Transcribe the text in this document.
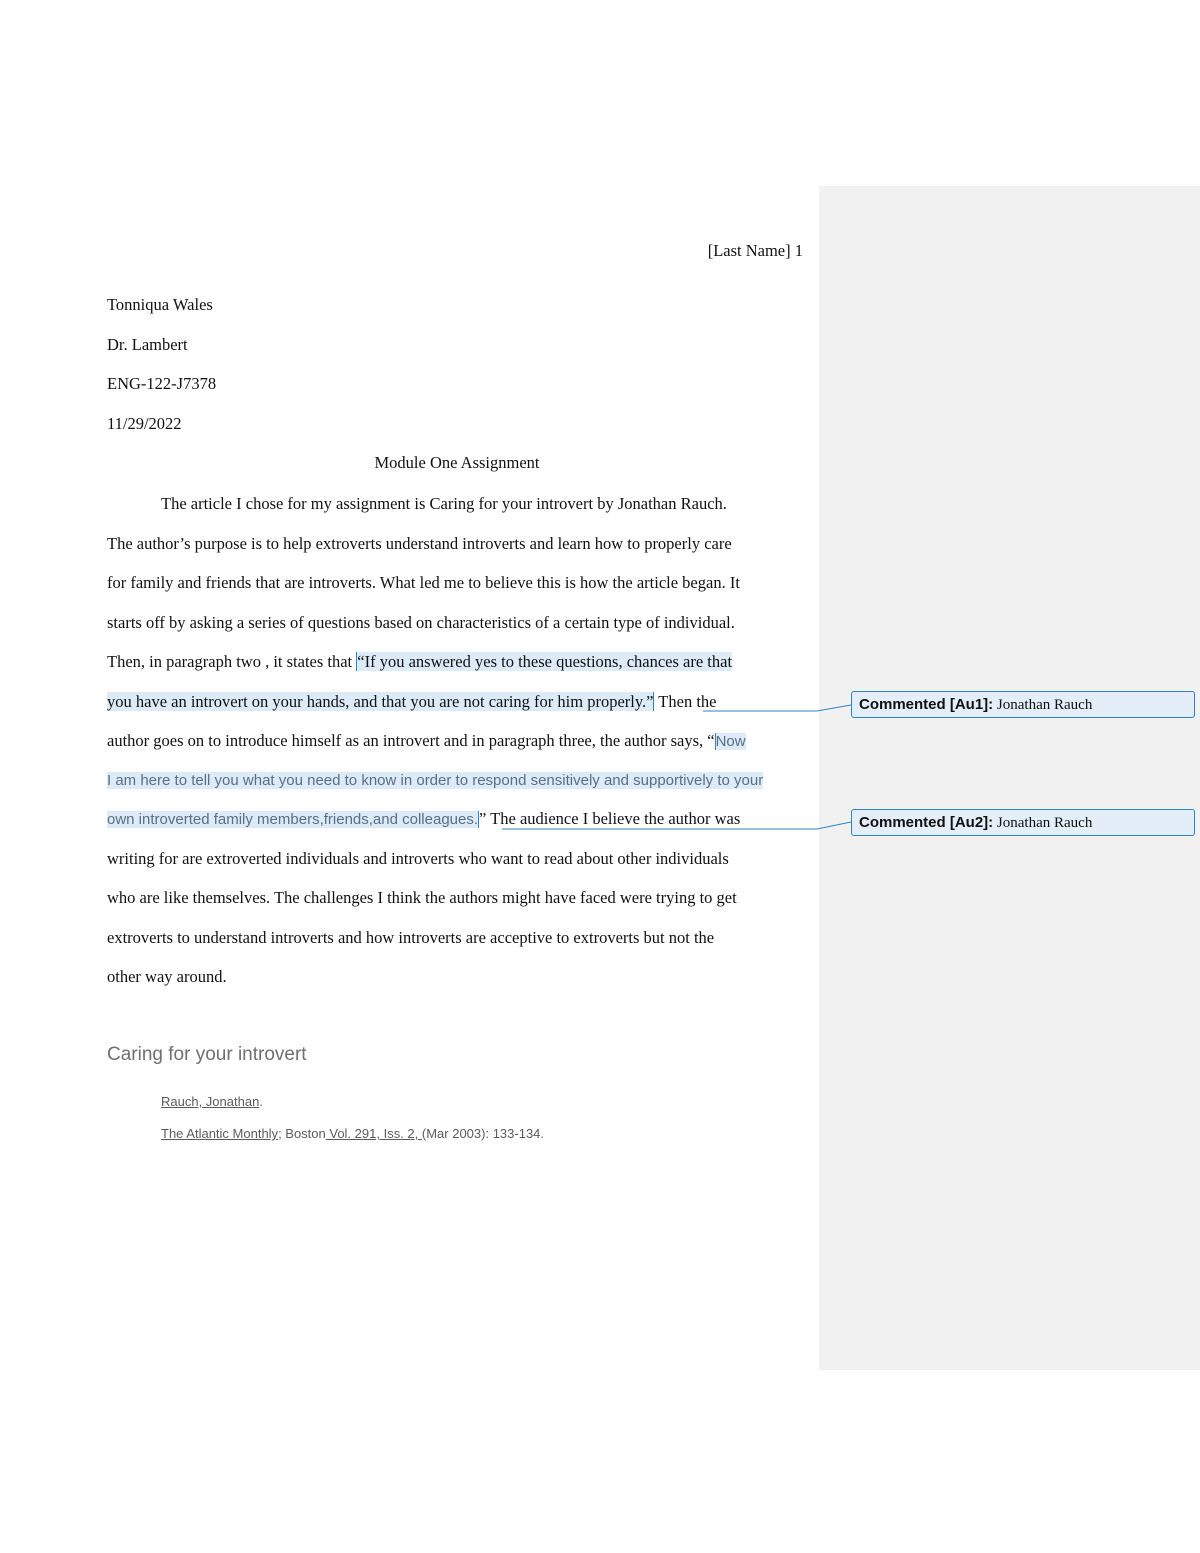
[Last Name] 1
Tonniqua Wales
Dr. Lambert
ENG-122-J7378
11/29/2022
Module One Assignment
The article I chose for my assignment is Caring for your introvert by Jonathan Rauch.
The author’s purpose is to help extroverts understand introverts and learn how to properly care
for family and friends that are introverts. What led me to believe this is how the article began. It
starts off by asking a series of questions based on characteristics of a certain type of individual.
Then, in paragraph two , it states that “If you answered yes to these questions, chances are that
you have an introvert on your hands, and that you are not caring for him properly.” Then the
author goes on to introduce himself as an introvert and in paragraph three, the author says, “Now
I am here to tell you what you need to know in order to respond sensitively and supportively to your
own introverted family members,friends,and colleagues.” The audience I believe the author was
writing for are extroverted individuals and introverts who want to read about other individuals
who are like themselves. The challenges I think the authors might have faced were trying to get
extroverts to understand introverts and how introverts are acceptive to extroverts but not the
other way around.
Caring for your introvert
Rauch, Jonathan.
The Atlantic Monthly; Boston Vol. 291, Iss. 2, (Mar 2003): 133-134.
Commented [Au1]: Jonathan Rauch
Commented [Au2]: Jonathan Rauch
